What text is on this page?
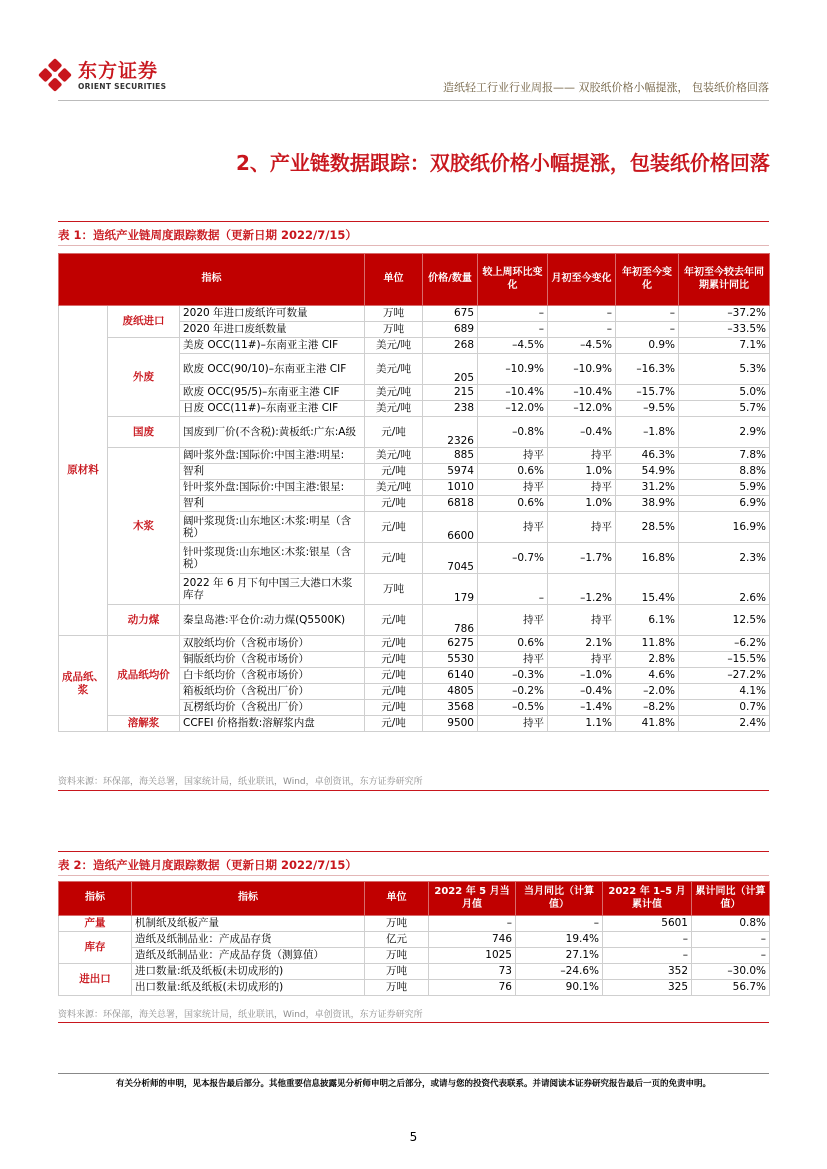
东方证券
ORIENT SECURITIES	造纸轻工行业行业周报—— 双胶纸价格小幅提涨， 包装纸价格回落
2、产业链数据跟踪：双胶纸价格小幅提涨，包装纸价格回落
表 1：造纸产业链周度跟踪数据（更新日期 2022/7/15）
指标			单位	价格/数量	较上周环比变化	月初至今变化	年初至今变化	年初至今较去年同期累计同比
原材料	废纸进口	2020 年进口废纸许可数量	万吨	675	–	–	–	–37.2%
		2020 年进口废纸数量	万吨	689	–	–	–	–33.5%
	外废	美废 OCC(11#)–东南亚主港 CIF	美元/吨	268	–4.5%	–4.5%	0.9%	7.1%
		欧废 OCC(90/10)–东南亚主港 CIF	美元/吨	205	–10.9%	–10.9%	–16.3%	5.3%
		欧废 OCC(95/5)–东南亚主港 CIF	美元/吨	215	–10.4%	–10.4%	–15.7%	5.0%
		日废 OCC(11#)–东南亚主港 CIF	美元/吨	238	–12.0%	–12.0%	–9.5%	5.7%
	国废	国废到厂价(不含税):黄板纸:广东:A级	元/吨	2326	–0.8%	–0.4%	–1.8%	2.9%
	木浆	阔叶浆外盘:国际价:中国主港:明星:	美元/吨	885	持平	持平	46.3%	7.8%
		智利	元/吨	5974	0.6%	1.0%	54.9%	8.8%
		针叶浆外盘:国际价:中国主港:银星:	美元/吨	1010	持平	持平	31.2%	5.9%
		智利	元/吨	6818	0.6%	1.0%	38.9%	6.9%
		阔叶浆现货:山东地区:木浆:明星（含税）	元/吨	6600	持平	持平	28.5%	16.9%
		针叶浆现货:山东地区:木浆:银星（含税）	元/吨	7045	–0.7%	–1.7%	16.8%	2.3%
		2022 年 6 月下旬中国三大港口木浆库存	万吨	179	–	–1.2%	15.4%	2.6%
	动力煤	秦皇岛港:平仓价:动力煤(Q5500K)	元/吨	786	持平	持平	6.1%	12.5%
成品纸、浆	成品纸均价	双胶纸均价（含税市场价）	元/吨	6275	0.6%	2.1%	11.8%	–6.2%
		铜版纸均价（含税市场价）	元/吨	5530	持平	持平	2.8%	–15.5%
		白卡纸均价（含税市场价）	元/吨	6140	–0.3%	–1.0%	4.6%	–27.2%
		箱板纸均价（含税出厂价）	元/吨	4805	–0.2%	–0.4%	–2.0%	4.1%
		瓦楞纸均价（含税出厂价）	元/吨	3568	–0.5%	–1.4%	–8.2%	0.7%
	溶解浆	CCFEI 价格指数:溶解浆内盘	元/吨	9500	持平	1.1%	41.8%	2.4%
资料来源：环保部，海关总署，国家统计局，纸业联讯，Wind，卓创资讯，东方证券研究所
表 2：造纸产业链月度跟踪数据（更新日期 2022/7/15）
指标	指标	单位	2022 年 5 月当月值	当月同比（计算值）	2022 年 1–5 月累计值	累计同比（计算值）
产量	机制纸及纸板产量	万吨	–	–	5601	0.8%
库存	造纸及纸制品业：产成品存货	亿元	746	19.4%	–	–
	造纸及纸制品业：产成品存货（测算值）	万吨	1025	27.1%	–	–
进出口	进口数量:纸及纸板(未切成形的)	万吨	73	–24.6%	352	–30.0%
	出口数量:纸及纸板(未切成形的)	万吨	76	90.1%	325	56.7%
资料来源：环保部，海关总署，国家统计局，纸业联讯，Wind，卓创资讯，东方证券研究所
有关分析师的申明，见本报告最后部分。其他重要信息披露见分析师申明之后部分，或请与您的投资代表联系。并请阅读本证券研究报告最后一页的免责申明。
5
